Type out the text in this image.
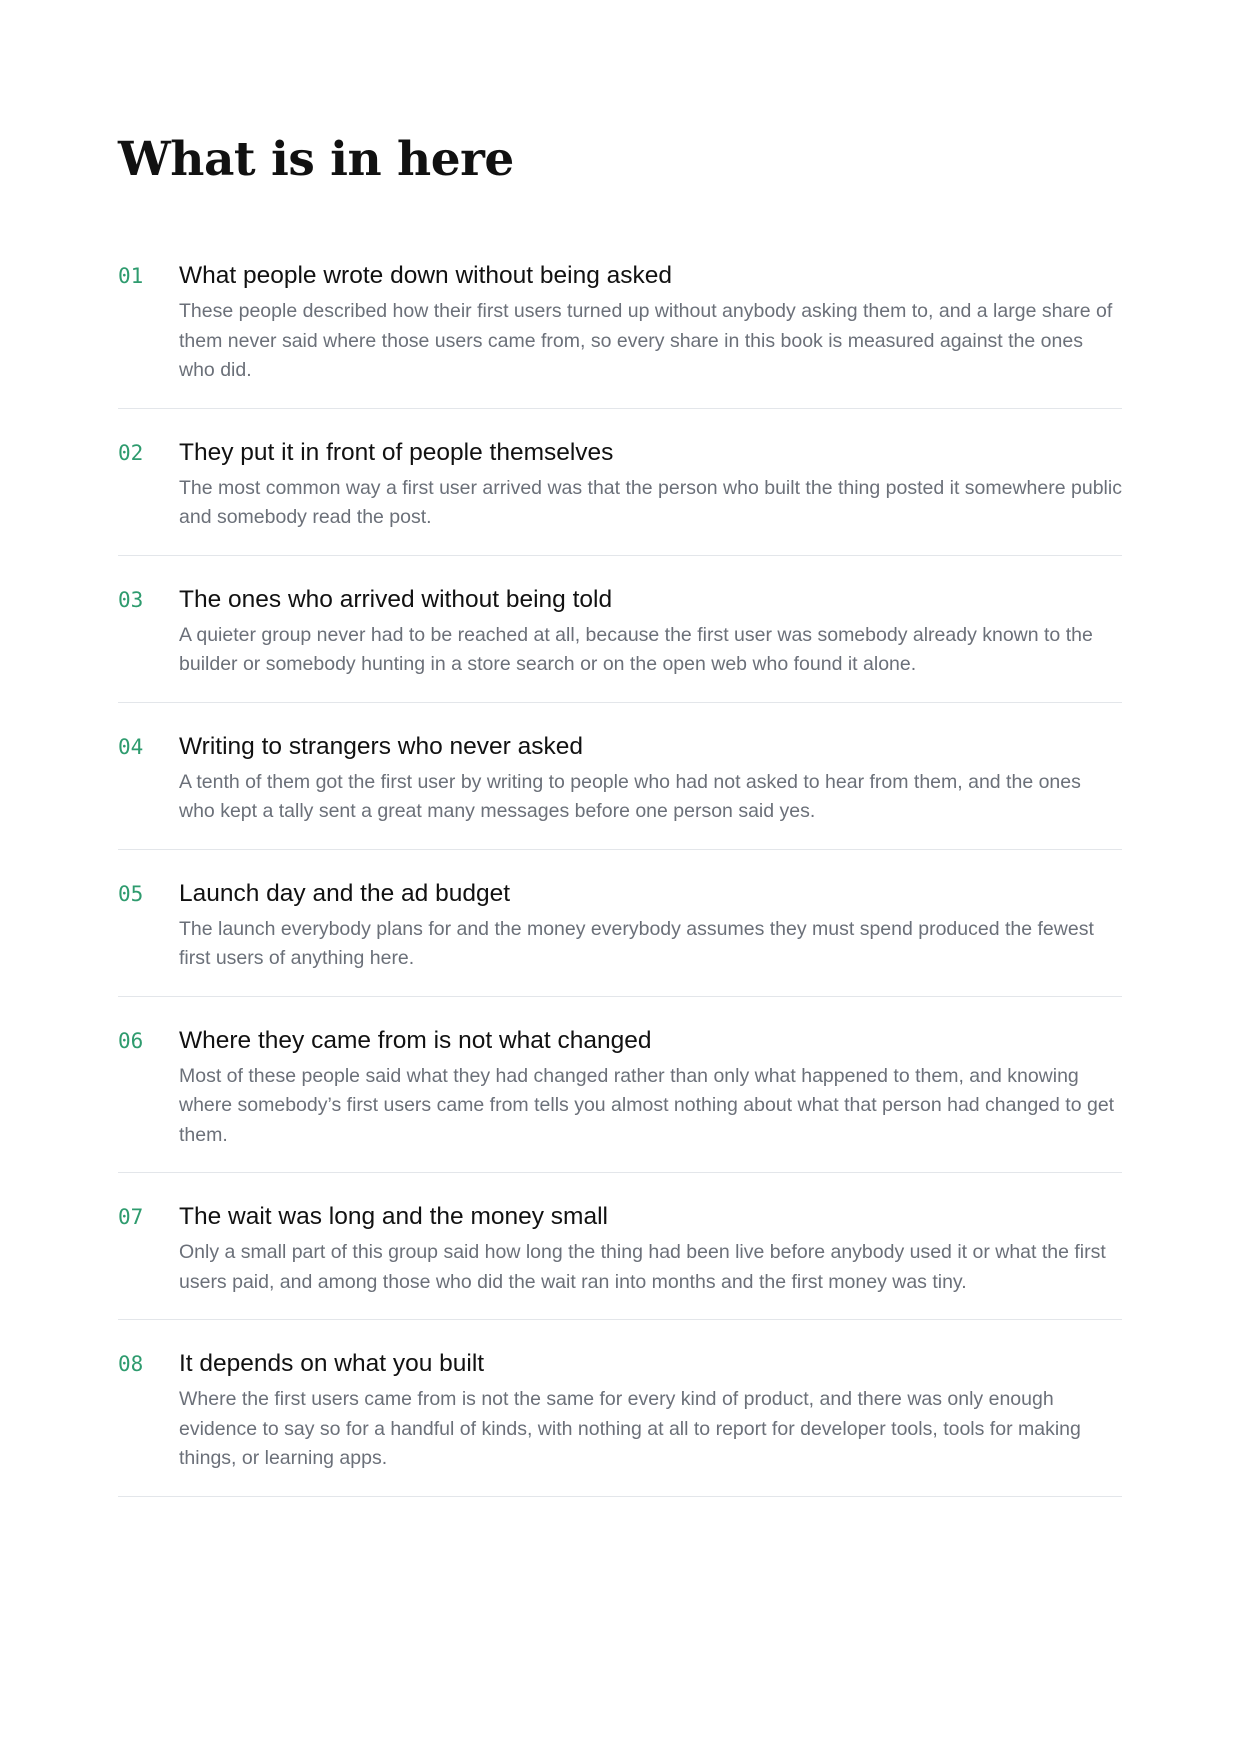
What is in here
01	What people wrote down without being asked

These people described how their first users turned up without anybody asking them to, and a large share of them never said where those users came from, so every share in this book is measured against the ones who did.

02	They put it in front of people themselves

The most common way a first user arrived was that the person who built the thing posted it somewhere public and somebody read the post.

03	The ones who arrived without being told

A quieter group never had to be reached at all, because the first user was somebody already known to the builder or somebody hunting in a store search or on the open web who found it alone.

04	Writing to strangers who never asked

A tenth of them got the first user by writing to people who had not asked to hear from them, and the ones who kept a tally sent a great many messages before one person said yes.

05	Launch day and the ad budget

The launch everybody plans for and the money everybody assumes they must spend produced the fewest first users of anything here.

06	Where they came from is not what changed

Most of these people said what they had changed rather than only what happened to them, and knowing where somebody’s first users came from tells you almost nothing about what that person had changed to get them.

07	The wait was long and the money small

Only a small part of this group said how long the thing had been live before anybody used it or what the first users paid, and among those who did the wait ran into months and the first money was tiny.

08	It depends on what you built

Where the first users came from is not the same for every kind of product, and there was only enough evidence to say so for a handful of kinds, with nothing at all to report for developer tools, tools for making things, or learning apps.
